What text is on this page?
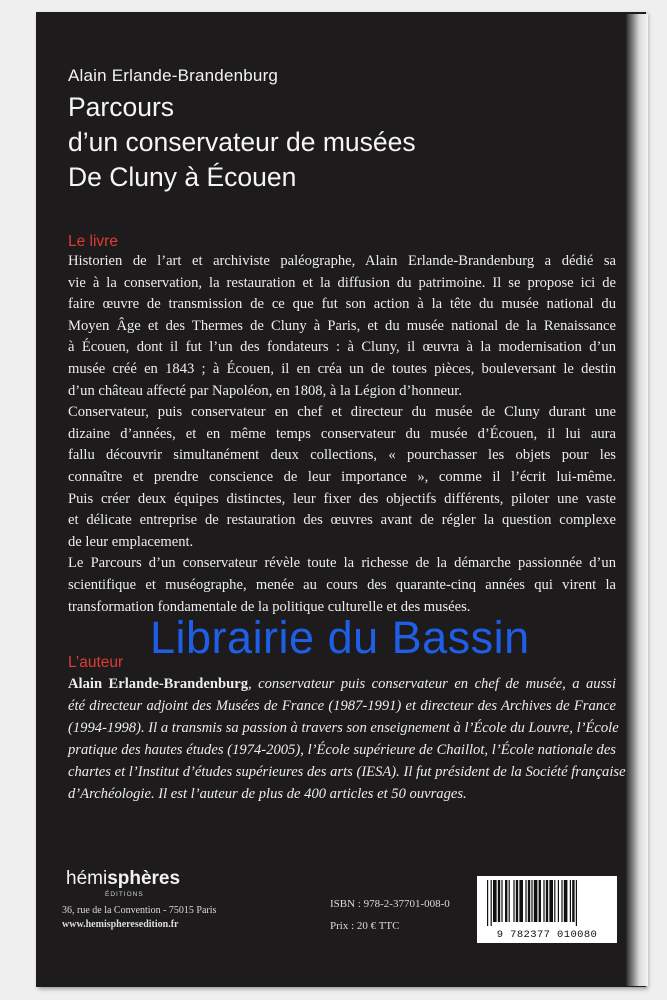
Alain Erlande-Brandenburg
Parcours
d’un conservateur de musées
De Cluny à Écouen
Le livre
Historien de l’art et archiviste paléographe, Alain Erlande-Brandenburg a dédié sa
vie à la conservation, la restauration et la diffusion du patrimoine. Il se propose ici de
faire œuvre de transmission de ce que fut son action à la tête du musée national du
Moyen Âge et des Thermes de Cluny à Paris, et du musée national de la Renaissance
à Écouen, dont il fut l’un des fondateurs : à Cluny, il œuvra à la modernisation d’un
musée créé en 1843 ; à Écouen, il en créa un de toutes pièces, bouleversant le destin
d’un château affecté par Napoléon, en 1808, à la Légion d’honneur.
Conservateur, puis conservateur en chef et directeur du musée de Cluny durant une
dizaine d’années, et en même temps conservateur du musée d’Écouen, il lui aura
fallu découvrir simultanément deux collections, « pourchasser les objets pour les
connaître et prendre conscience de leur importance », comme il l’écrit lui-même.
Puis créer deux équipes distinctes, leur fixer des objectifs différents, piloter une vaste
et délicate entreprise de restauration des œuvres avant de régler la question complexe
de leur emplacement.
Le Parcours d’un conservateur révèle toute la richesse de la démarche passionnée d’un
scientifique et muséographe, menée au cours des quarante-cinq années qui virent la
transformation fondamentale de la politique culturelle et des musées.
L’auteur
Alain Erlande-Brandenburg, conservateur puis conservateur en chef de musée, a aussi
été directeur adjoint des Musées de France (1987-1991) et directeur des Archives de France
(1994-1998). Il a transmis sa passion à travers son enseignement à l’École du Louvre, l’École
pratique des hautes études (1974-2005), l’École supérieure de Chaillot, l’École nationale des
chartes et l’Institut d’études supérieures des arts (IESA). Il fut président de la Société française
d’Archéologie. Il est l’auteur de plus de 400 articles et 50 ouvrages.
Librairie du Bassin
hémisphères
ÉDITIONS
36, rue de la Convention - 75015 Paris
www.hemispheresedition.fr
ISBN : 978-2-37701-008-0
Prix : 20 € TTC
9 782377 010080
